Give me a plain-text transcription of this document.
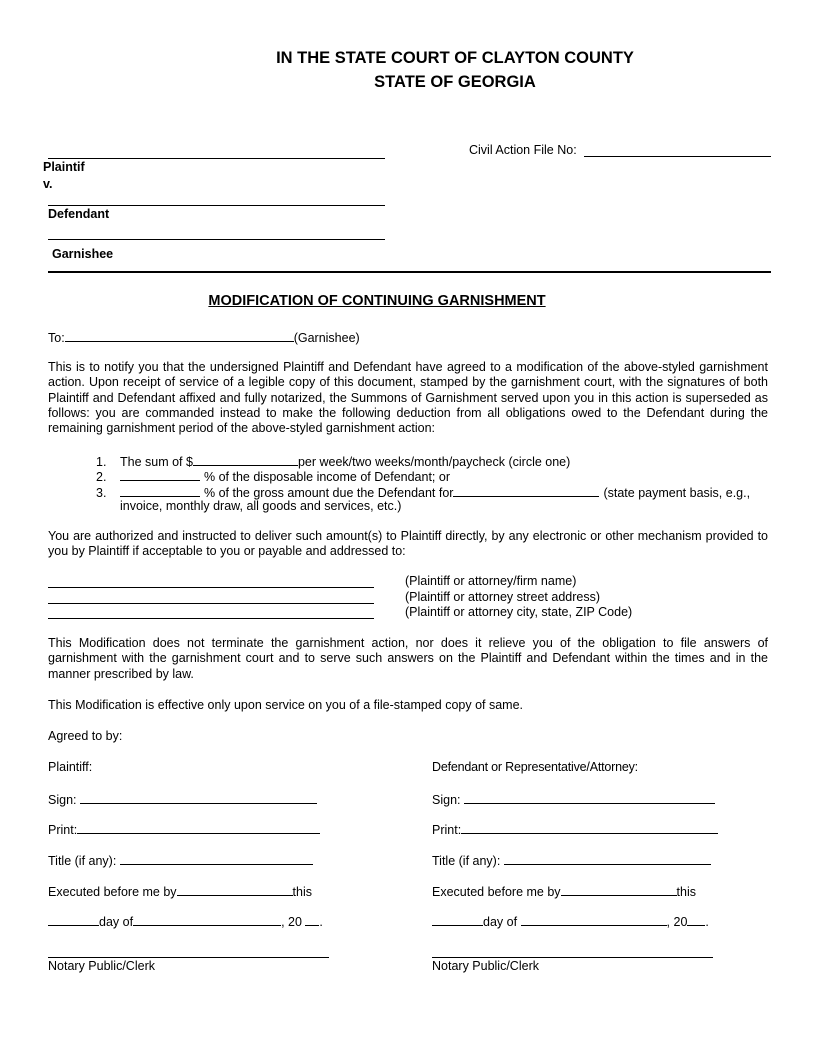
IN THE STATE COURT OF CLAYTON COUNTY
STATE OF GEORGIA
Plaintif
v.
Defendant
Garnishee
Civil Action File No:
MODIFICATION OF CONTINUING GARNISHMENT
To:	(Garnishee)
This is to notify you that the undersigned Plaintiff and Defendant have agreed to a modification of the above-styled garnishment action. Upon receipt of service of a legible copy of this document, stamped by the garnishment court, with the signatures of both Plaintiff and Defendant affixed and fully notarized, the Summons of Garnishment served upon you in this action is superseded as follows: you are commanded instead to make the following deduction from all obligations owed to the Defendant during the remaining garnishment period of the above-styled garnishment action:
1. The sum of $	per week/two weeks/month/paycheck (circle one)
2.	% of the disposable income of Defendant; or
3.	% of the gross amount due the Defendant for	(state payment basis, e.g.,
invoice, monthly draw, all goods and services, etc.)
You are authorized and instructed to deliver such amount(s) to Plaintiff directly, by any electronic or other mechanism provided to you by Plaintiff if acceptable to you or payable and addressed to:
(Plaintiff or attorney/firm name)
(Plaintiff or attorney street address)
(Plaintiff or attorney city, state, ZIP Code)
This Modification does not terminate the garnishment action, nor does it relieve you of the obligation to file answers of garnishment with the garnishment court and to serve such answers on the Plaintiff and Defendant within the times and in the manner prescribed by law.
This Modification is effective only upon service on you of a file-stamped copy of same.
Agreed to by:
Plaintiff:
Sign:
Print:
Title (if any):
Executed before me by	this
day of	, 20 .
Notary Public/Clerk
Defendant or Representative/Attorney:
Sign:
Print:
Title (if any):
Executed before me by	this
day of	, 20 .
Notary Public/Clerk
